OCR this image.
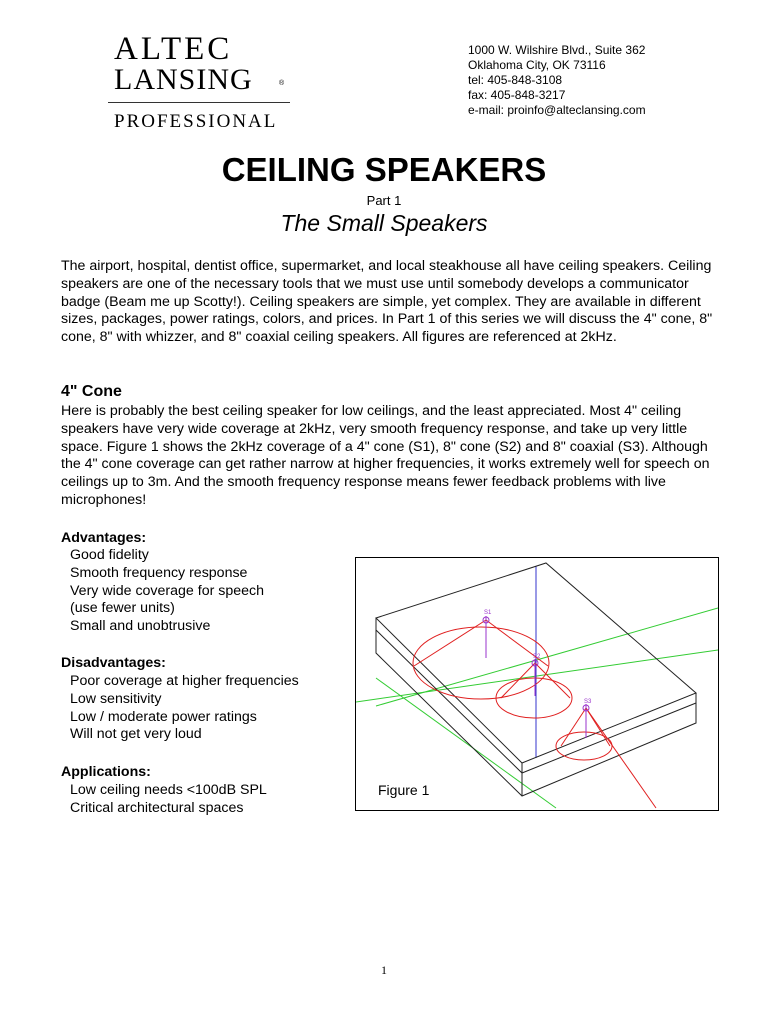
ALTEC
LANSING	®
PROFESSIONAL
1000 W. Wilshire Blvd., Suite 362
Oklahoma City, OK 73116
tel: 405-848-3108
fax: 405-848-3217
e-mail: proinfo@alteclansing.com
CEILING SPEAKERS
Part 1
The Small Speakers
The airport, hospital, dentist office, supermarket, and local steakhouse all have ceiling speakers. Ceiling speakers are one of the necessary tools that we must use until somebody develops a communicator badge (Beam me up Scotty!). Ceiling speakers are simple, yet complex. They are available in different sizes, packages, power ratings, colors, and prices. In Part 1 of this series we will discuss the 4" cone, 8" cone, 8" with whizzer, and 8" coaxial ceiling speakers. All figures are referenced at 2kHz.
4" Cone
Here is probably the best ceiling speaker for low ceilings, and the least appreciated. Most 4" ceiling speakers have very wide coverage at 2kHz, very smooth frequency response, and take up very little space. Figure 1 shows the 2kHz coverage of a 4" cone (S1), 8" cone (S2) and 8" coaxial (S3). Although the 4" cone coverage can get rather narrow at higher frequencies, it works extremely well for speech on ceilings up to 3m. And the smooth frequency response means fewer feedback problems with live microphones!
Advantages:
Good fidelity
Smooth frequency response
Very wide coverage for speech
(use fewer units)
Small and unobtrusive
Disadvantages:
Poor coverage at higher frequencies
Low sensitivity
Low / moderate power ratings
Will not get very loud
Applications:
Low ceiling needs <100dB SPL
Critical architectural spaces
S1
S2
S3
Figure 1
1
